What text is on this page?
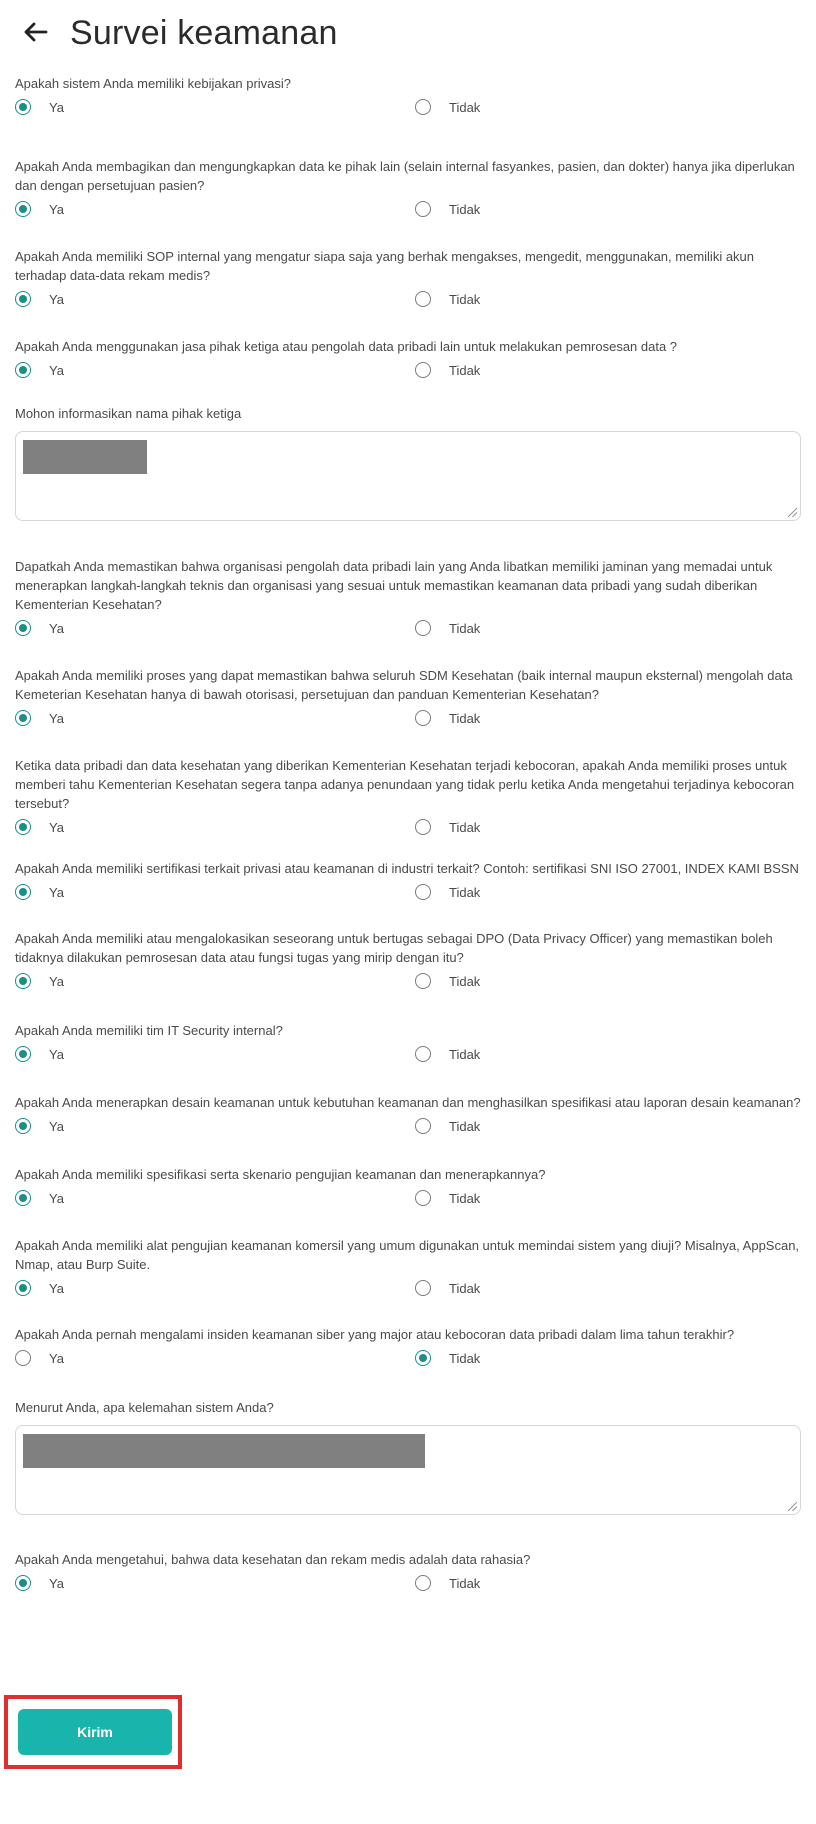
Survei keamanan

Apakah sistem Anda memiliki kebijakan privasi?

Ya	Tidak

Apakah Anda membagikan dan mengungkapkan data ke pihak lain (selain internal fasyankes, pasien, dan dokter) hanya jika diperlukan dan dengan persetujuan pasien?

Ya	Tidak

Apakah Anda memiliki SOP internal yang mengatur siapa saja yang berhak mengakses, mengedit, menggunakan, memiliki akun terhadap data-data rekam medis?

Ya	Tidak

Apakah Anda menggunakan jasa pihak ketiga atau pengolah data pribadi lain untuk melakukan pemrosesan data ?

Ya	Tidak

Mohon informasikan nama pihak ketiga

Dapatkah Anda memastikan bahwa organisasi pengolah data pribadi lain yang Anda libatkan memiliki jaminan yang memadai untuk menerapkan langkah-langkah teknis dan organisasi yang sesuai untuk memastikan keamanan data pribadi yang sudah diberikan Kementerian Kesehatan?

Ya	Tidak

Apakah Anda memiliki proses yang dapat memastikan bahwa seluruh SDM Kesehatan (baik internal maupun eksternal) mengolah data Kemeterian Kesehatan hanya di bawah otorisasi, persetujuan dan panduan Kementerian Kesehatan?

Ya	Tidak

Ketika data pribadi dan data kesehatan yang diberikan Kementerian Kesehatan terjadi kebocoran, apakah Anda memiliki proses untuk memberi tahu Kementerian Kesehatan segera tanpa adanya penundaan yang tidak perlu ketika Anda mengetahui terjadinya kebocoran tersebut?

Ya	Tidak

Apakah Anda memiliki sertifikasi terkait privasi atau keamanan di industri terkait? Contoh: sertifikasi SNI ISO 27001, INDEX KAMI BSSN

Ya	Tidak

Apakah Anda memiliki atau mengalokasikan seseorang untuk bertugas sebagai DPO (Data Privacy Officer) yang memastikan boleh tidaknya dilakukan pemrosesan data atau fungsi tugas yang mirip dengan itu?

Ya	Tidak

Apakah Anda memiliki tim IT Security internal?

Ya	Tidak

Apakah Anda menerapkan desain keamanan untuk kebutuhan keamanan dan menghasilkan spesifikasi atau laporan desain keamanan?

Ya	Tidak

Apakah Anda memiliki spesifikasi serta skenario pengujian keamanan dan menerapkannya?

Ya	Tidak

Apakah Anda memiliki alat pengujian keamanan komersil yang umum digunakan untuk memindai sistem yang diuji? Misalnya, AppScan, Nmap, atau Burp Suite.

Ya	Tidak

Apakah Anda pernah mengalami insiden keamanan siber yang major atau kebocoran data pribadi dalam lima tahun terakhir?

Ya	Tidak

Menurut Anda, apa kelemahan sistem Anda?

Apakah Anda mengetahui, bahwa data kesehatan dan rekam medis adalah data rahasia?

Ya	Tidak
Kirim
